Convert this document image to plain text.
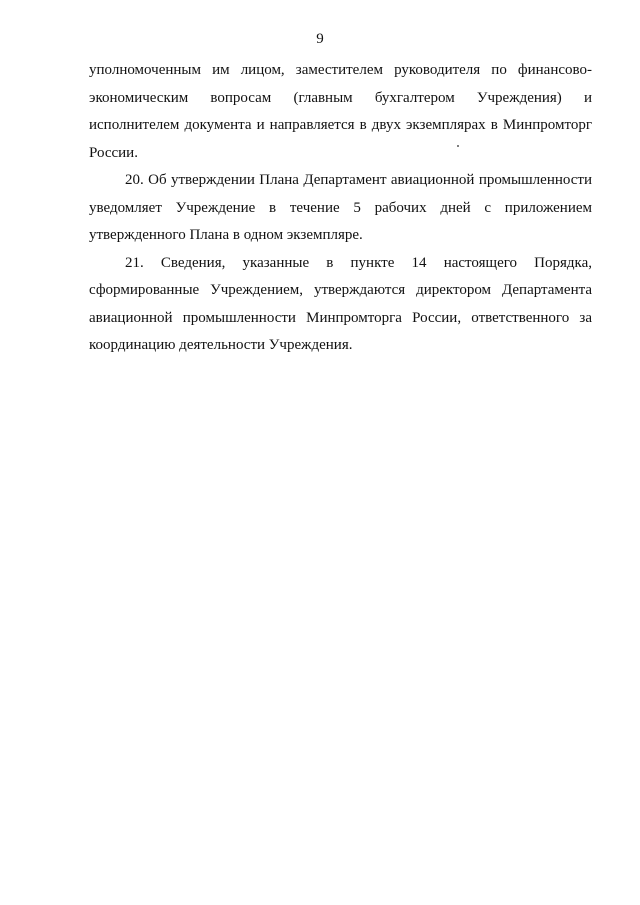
9

уполномоченным им лицом, заместителем руководителя по финансово-экономическим вопросам (главным бухгалтером Учреждения) и исполнителем документа и направляется в двух экземплярах в Минпромторг России.

20. Об утверждении Плана Департамент авиационной промышленности уведомляет Учреждение в течение 5 рабочих дней с приложением утвержденного Плана в одном экземпляре.

21. Сведения, указанные в пункте 14 настоящего Порядка, сформированные Учреждением, утверждаются директором Департамента авиационной промышленности Минпромторга России, ответственного за координацию деятельности Учреждения.
